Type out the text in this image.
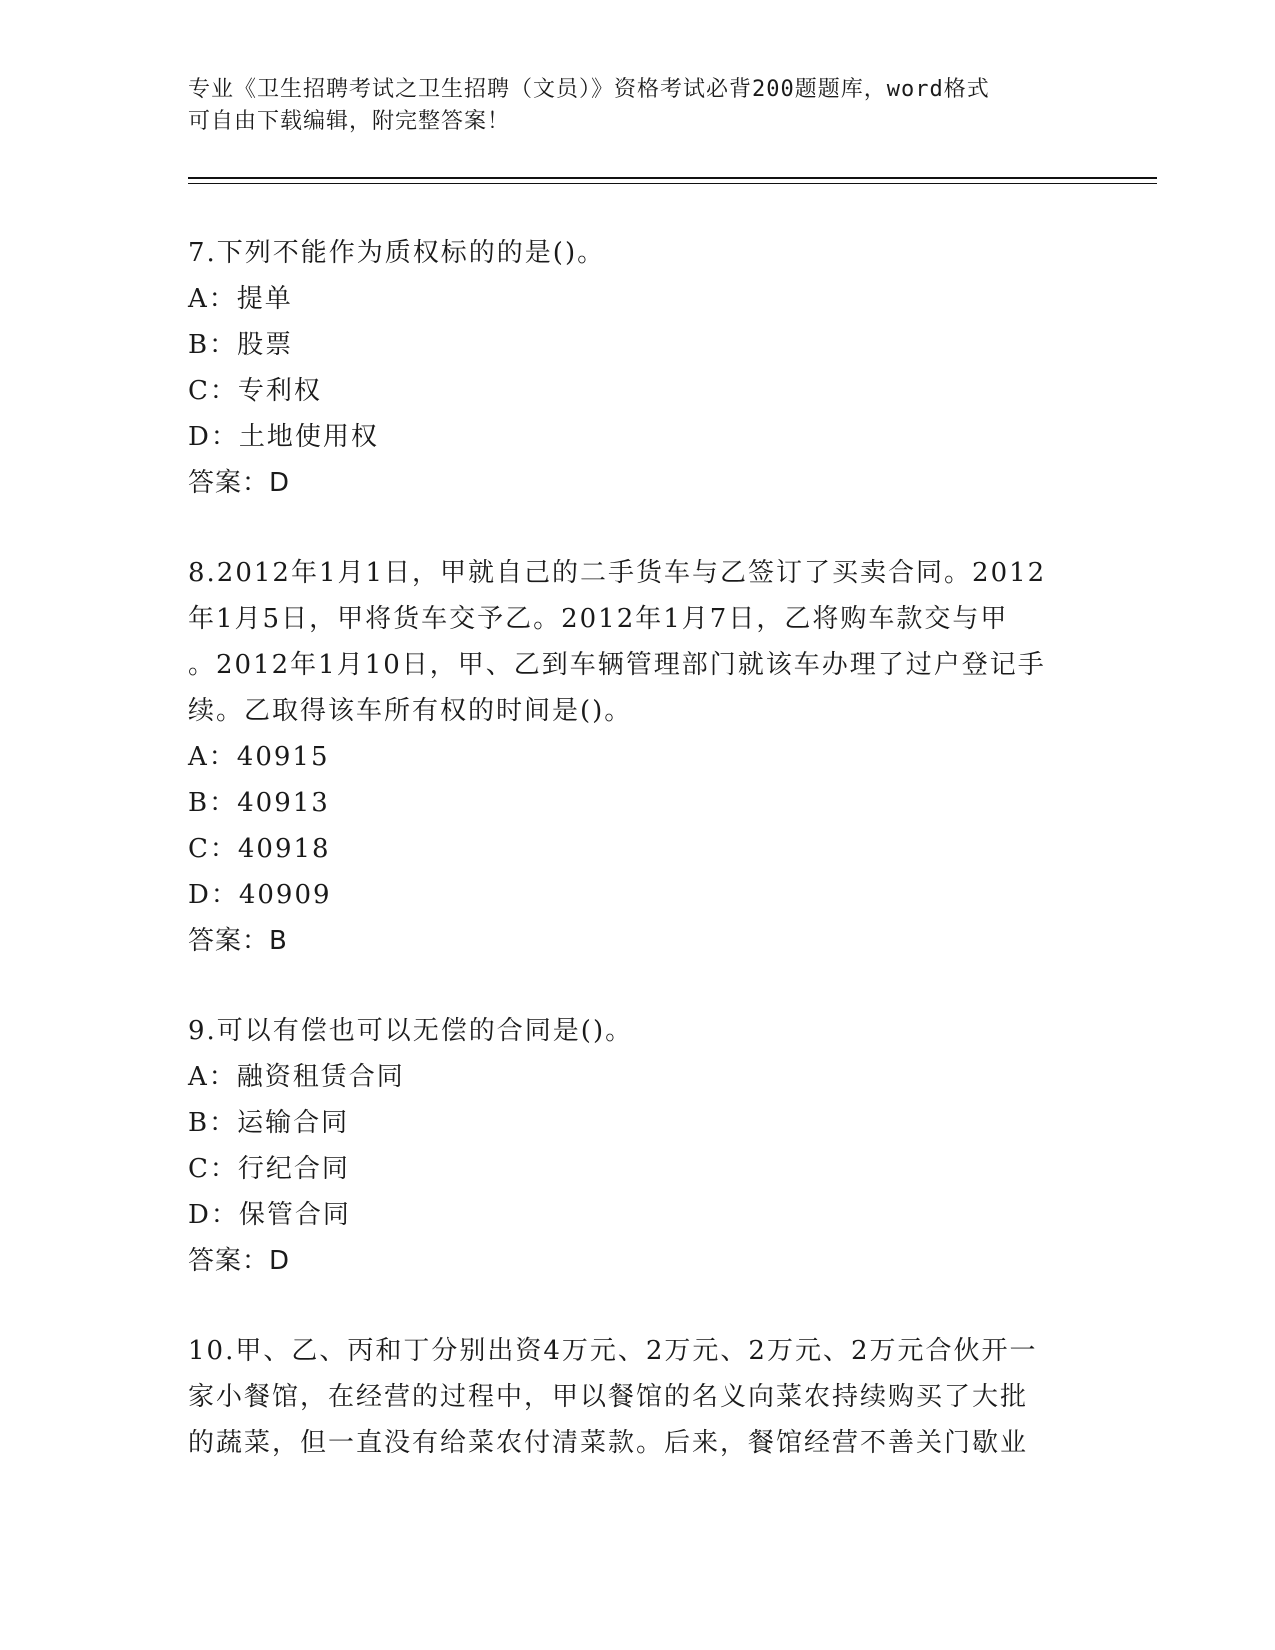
专业《卫生招聘考试之卫生招聘（文员）》资格考试必背200题题库，word格式
可自由下载编辑，附完整答案！
7.下列不能作为质权标的的是()。
A：提单
B：股票
C：专利权
D：土地使用权
答案：D
8.2012年1月1日，甲就自己的二手货车与乙签订了买卖合同。2012
年1月5日，甲将货车交予乙。2012年1月7日，乙将购车款交与甲
。2012年1月10日，甲、乙到车辆管理部门就该车办理了过户登记手
续。乙取得该车所有权的时间是()。
A：40915
B：40913
C：40918
D：40909
答案：B
9.可以有偿也可以无偿的合同是()。
A：融资租赁合同
B：运输合同
C：行纪合同
D：保管合同
答案：D
10.甲、乙、丙和丁分别出资4万元、2万元、2万元、2万元合伙开一
家小餐馆，在经营的过程中，甲以餐馆的名义向菜农持续购买了大批
的蔬菜，但一直没有给菜农付清菜款。后来，餐馆经营不善关门歇业
